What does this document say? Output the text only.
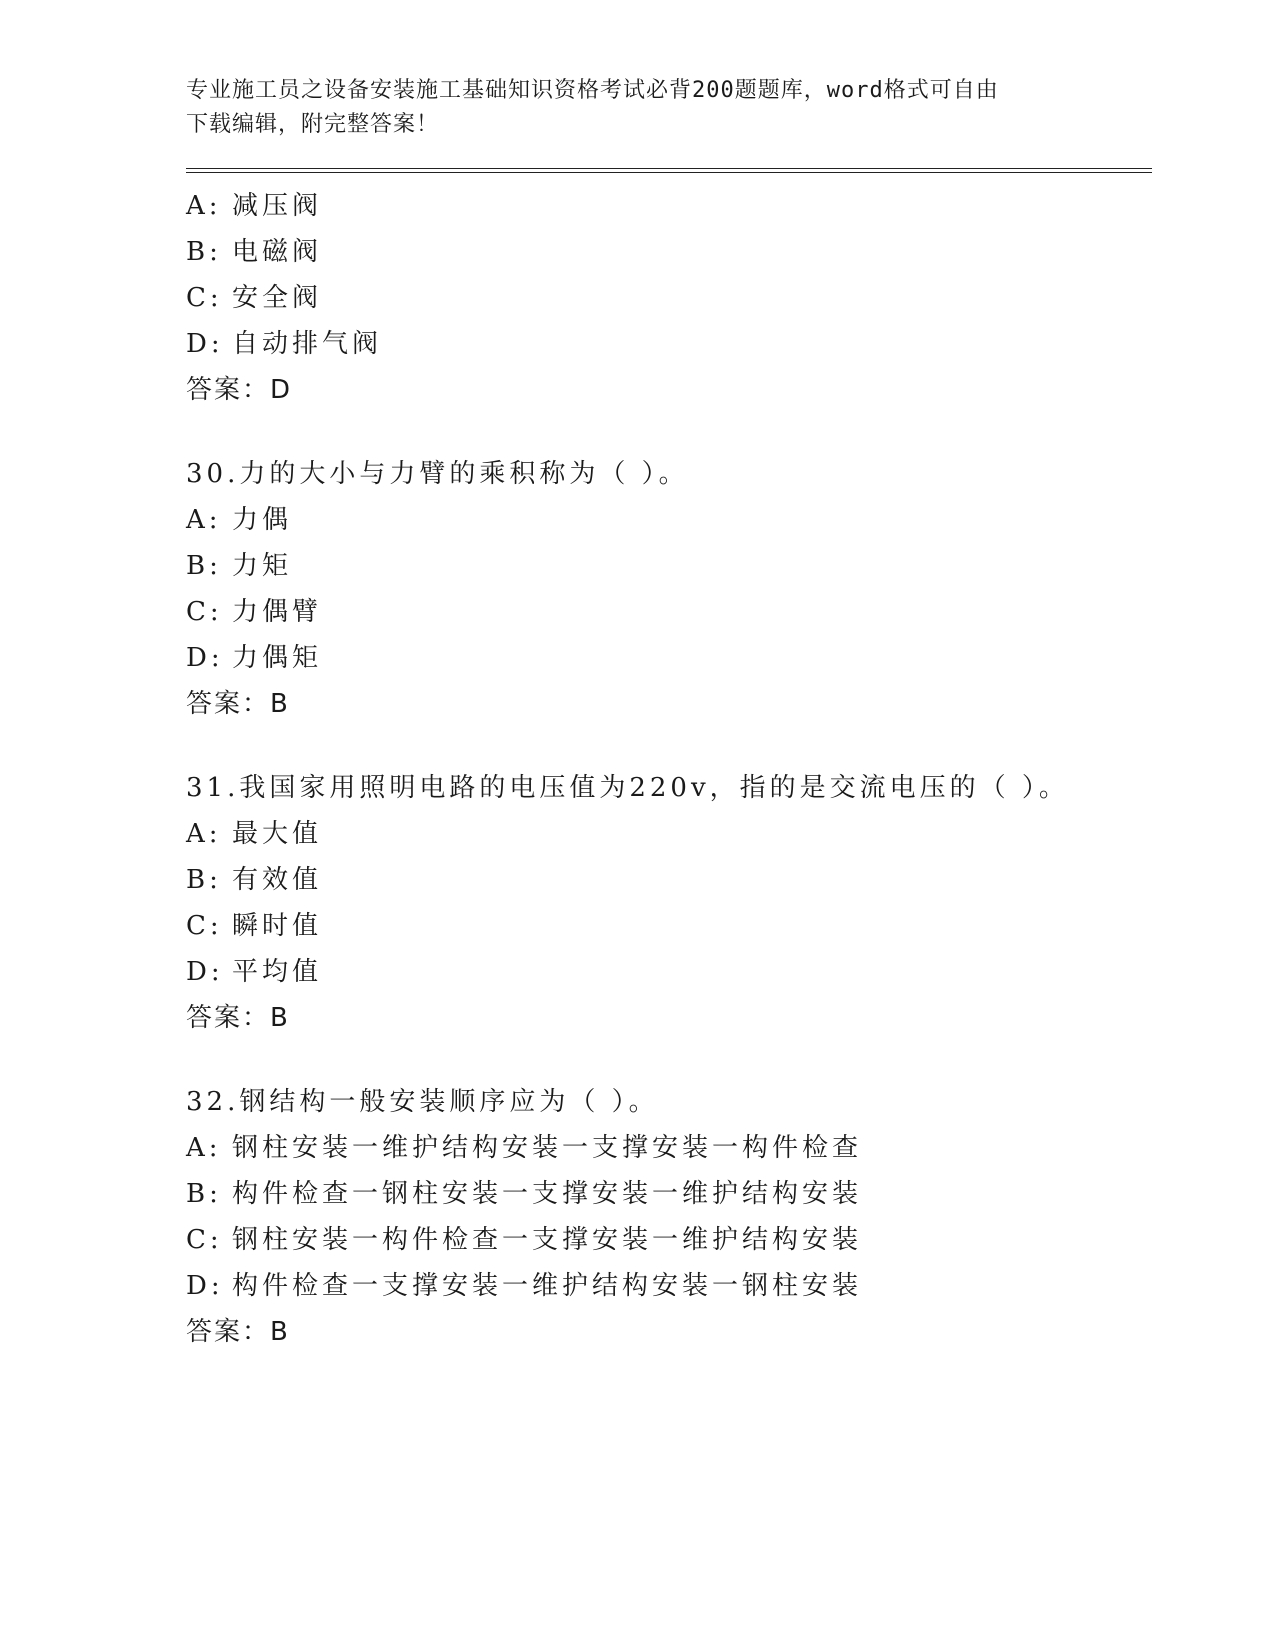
专业施工员之设备安装施工基础知识资格考试必背200题题库，word格式可自由

下载编辑，附完整答案！

A: 减压阀

B: 电磁阀

C: 安全阀

D: 自动排气阀

答案：D

30.力的大小与力臂的乘积称为（ ）。

A: 力偶

B: 力矩

C: 力偶臂

D: 力偶矩

答案：B

31.我国家用照明电路的电压值为220v，指的是交流电压的（ ）。

A: 最大值

B: 有效值

C: 瞬时值

D: 平均值

答案：B

32.钢结构一般安装顺序应为（ ）。

A: 钢柱安装一维护结构安装一支撑安装一构件检查

B: 构件检查一钢柱安装一支撑安装一维护结构安装

C: 钢柱安装一构件检查一支撑安装一维护结构安装

D: 构件检查一支撑安装一维护结构安装一钢柱安装

答案：B
